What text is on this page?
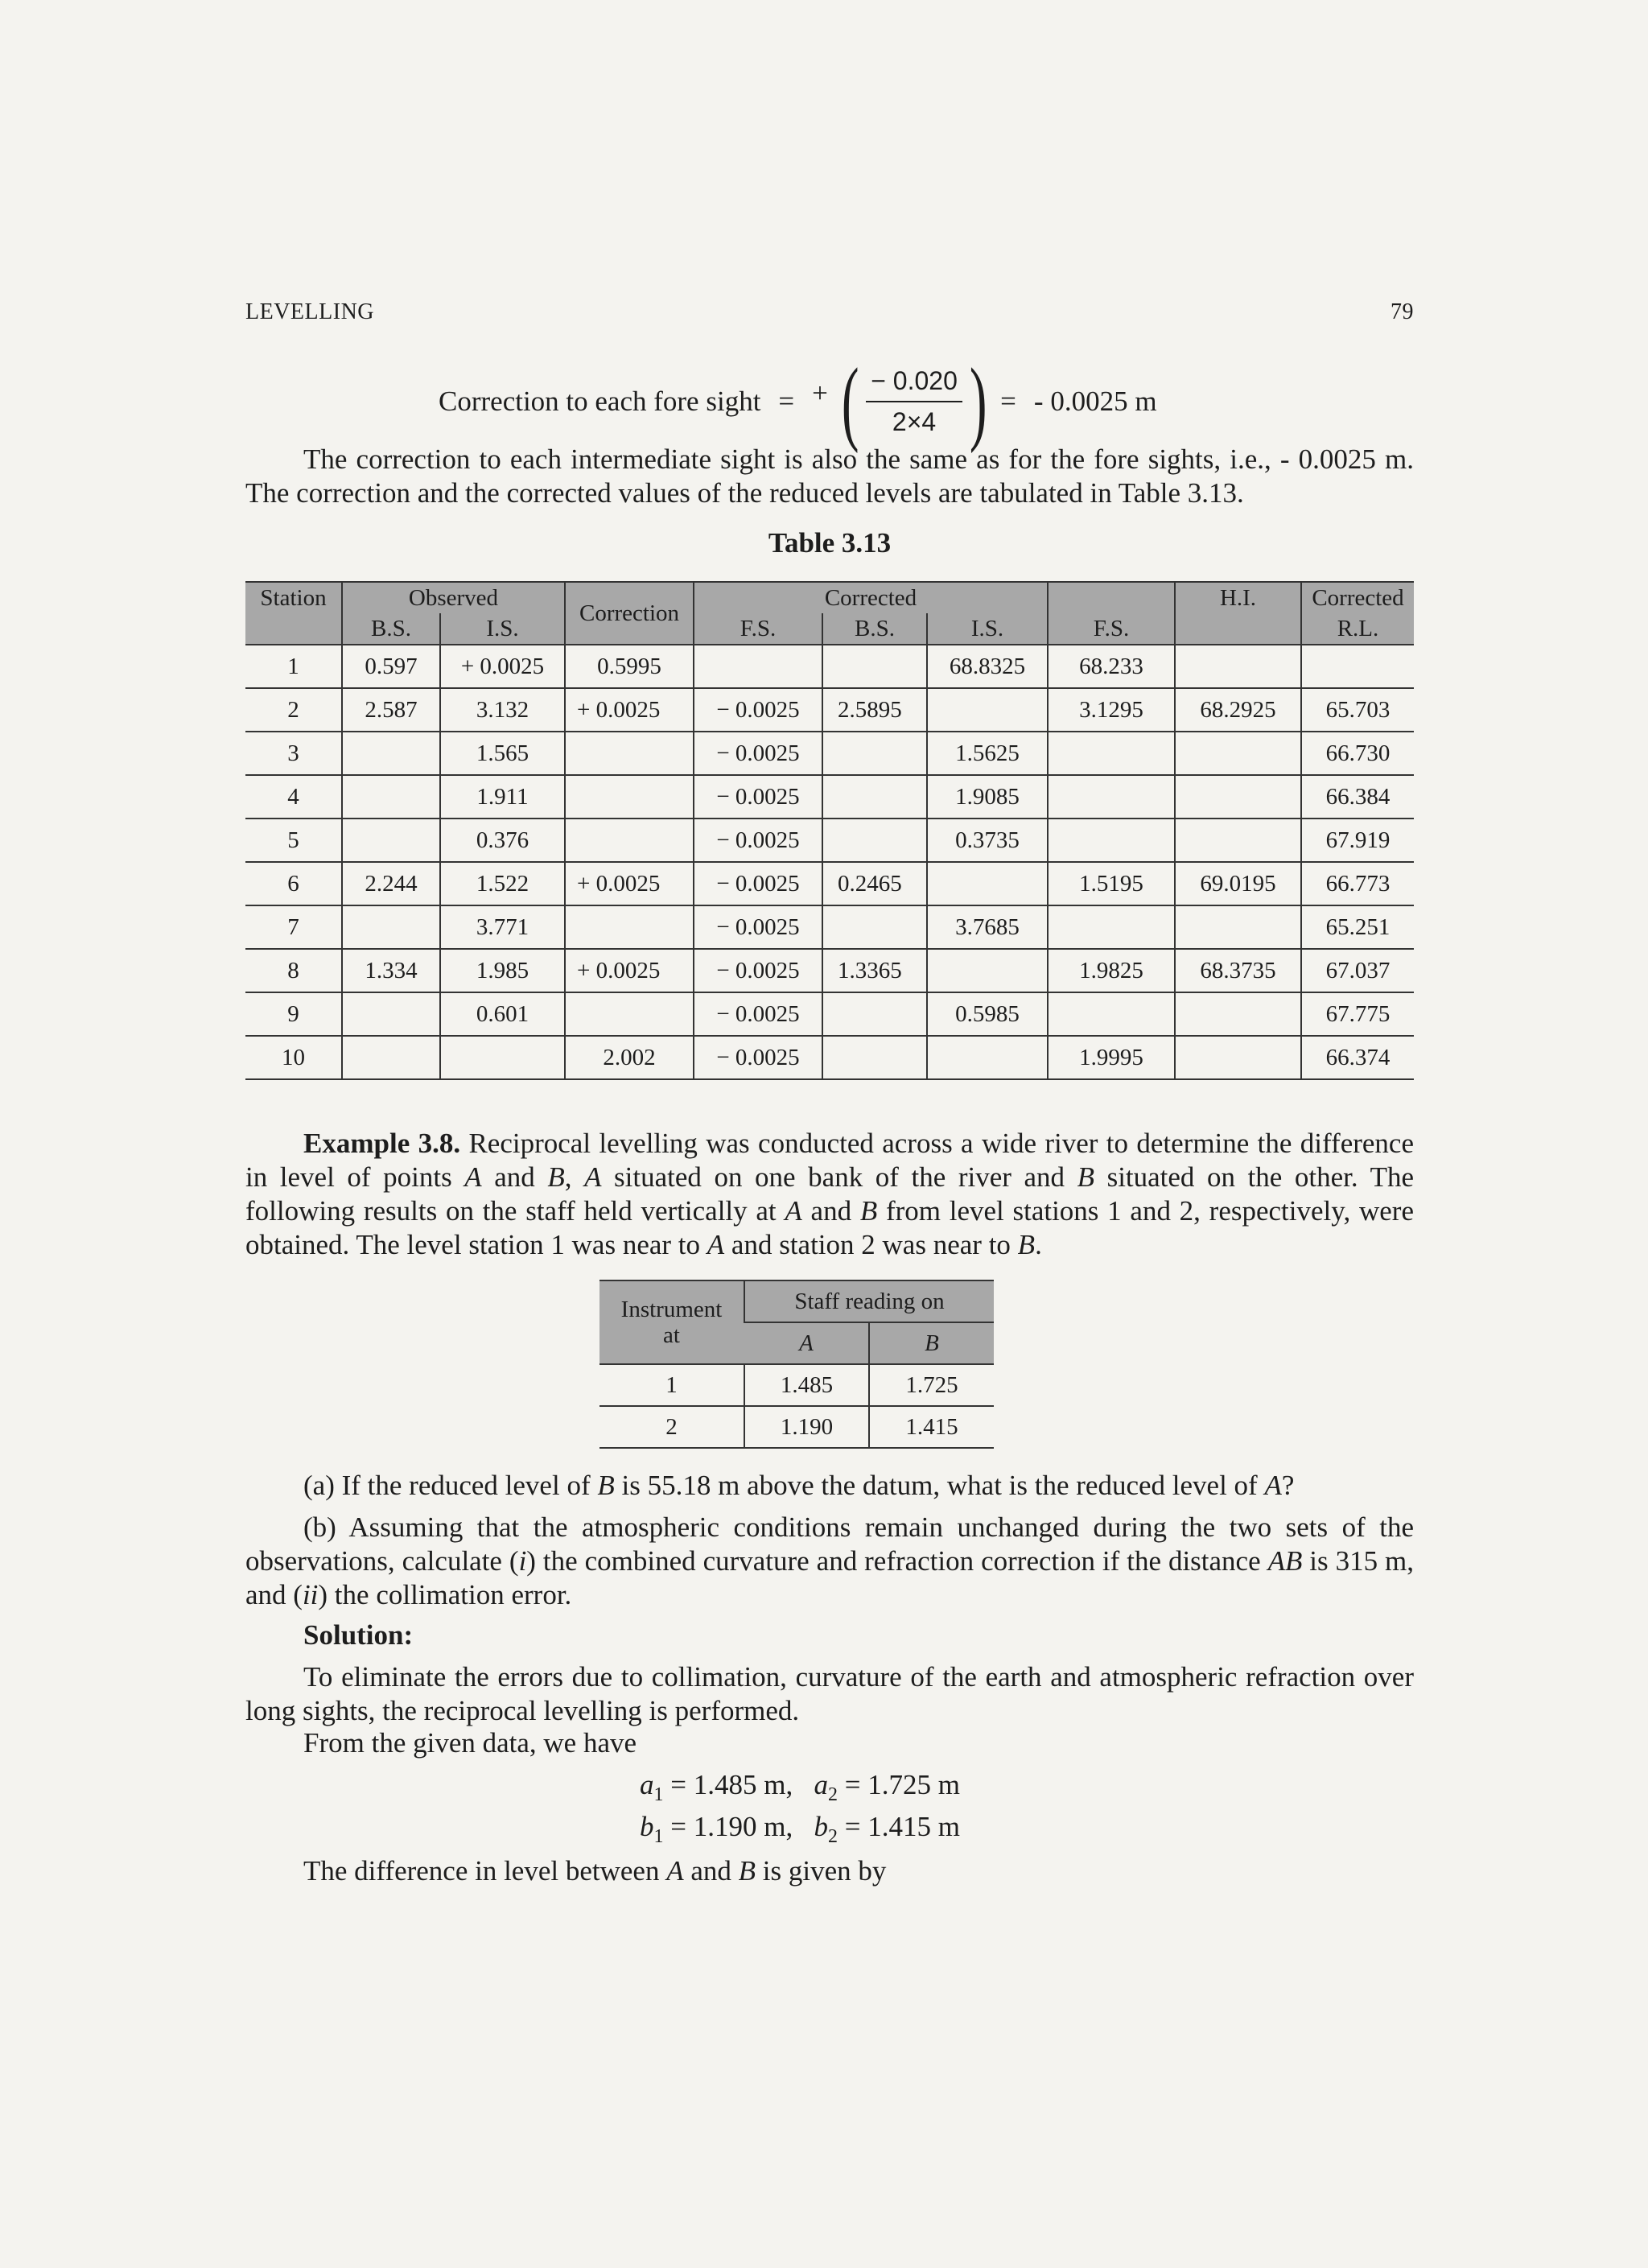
LEVELLING	79
Correction to each fore sight = + ( $\frac{- 0.020}{2\times 4}$ ) = - 0.0025 m

The correction to each intermediate sight is also the same as for the fore sights, i.e., - 0.0025 m. The correction and the corrected values of the reduced levels are tabulated in Table 3.13.

Table 3.13
Station	Observed		Correction	Corrected				H.I.	Corrected
	B.S.	I.S.		F.S.	B.S.	I.S.	F.S.		R.L.
1	0.597	+ 0.0025	0.5995			68.8325	68.233		
2	2.587	3.132	+ 0.0025	− 0.0025	2.5895		3.1295	68.2925	65.703
3		1.565		− 0.0025		1.5625			66.730
4		1.911		− 0.0025		1.9085			66.384
5		0.376		− 0.0025		0.3735			67.919
6	2.244	1.522	+ 0.0025	− 0.0025	0.2465		1.5195	69.0195	66.773
7		3.771		− 0.0025		3.7685			65.251
8	1.334	1.985	+ 0.0025	− 0.0025	1.3365		1.9825	68.3735	67.037
9		0.601		− 0.0025		0.5985			67.775
10			2.002	− 0.0025			1.9995		66.374

Example 3.8. Reciprocal levelling was conducted across a wide river to determine the difference in level of points A and B, A situated on one bank of the river and B situated on the other. The following results on the staff held vertically at A and B from level stations 1 and 2, respectively, were obtained. The level station 1 was near to A and station 2 was near to B.

Instrument
at	Staff reading on	
	A	B
1	1.485	1.725
2	1.190	1.415

(a) If the reduced level of B is 55.18 m above the datum, what is the reduced level of A?

(b) Assuming that the atmospheric conditions remain unchanged during the two sets of the observations, calculate (i) the combined curvature and refraction correction if the distance AB is 315 m, and (ii) the collimation error.

Solution:

To eliminate the errors due to collimation, curvature of the earth and atmospheric refraction over long sights, the reciprocal levelling is performed.

From the given data, we have

$a_1 = 1.485$ m,   $a_2 = 1.725$ m
$b_1 = 1.190$ m,   $b_2 = 1.415$ m

The difference in level between A and B is given by
